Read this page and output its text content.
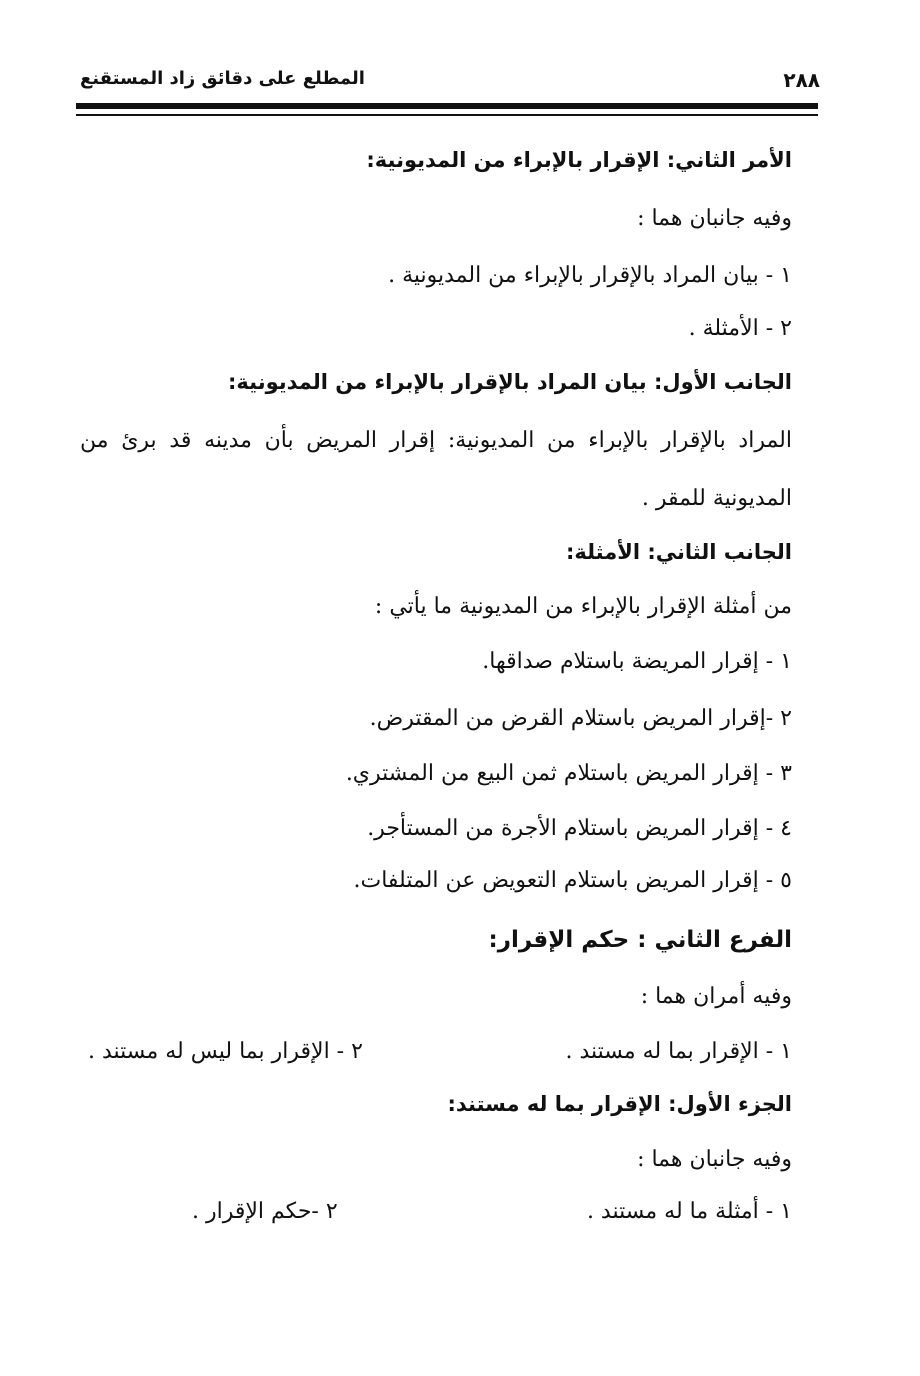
٢٨٨
المطلع على دقائق زاد المستقنع
الأمر الثاني: الإقرار بالإبراء من المديونية:
وفيه جانبان هما :
١ - بيان المراد بالإقرار بالإبراء من المديونية .
٢ - الأمثلة .
الجانب الأول: بيان المراد بالإقرار بالإبراء من المديونية:
المراد بالإقرار بالإبراء من المديونية: إقرار المريض بأن مدينه قد برئ من المديونية للمقر .
الجانب الثاني: الأمثلة:
من أمثلة الإقرار بالإبراء من المديونية ما يأتي :
١ - إقرار المريضة باستلام صداقها.
٢ -إقرار المريض باستلام القرض من المقترض.
٣ - إقرار المريض باستلام ثمن البيع من المشتري.
٤ - إقرار المريض باستلام الأجرة من المستأجر.
٥ - إقرار المريض باستلام التعويض عن المتلفات.
الفرع الثاني : حكم الإقرار:
وفيه أمران هما :
١ - الإقرار بما له مستند .
٢ - الإقرار بما ليس له مستند .
الجزء الأول: الإقرار بما له مستند:
وفيه جانبان هما :
١ - أمثلة ما له مستند .
٢ -حكم الإقرار .
